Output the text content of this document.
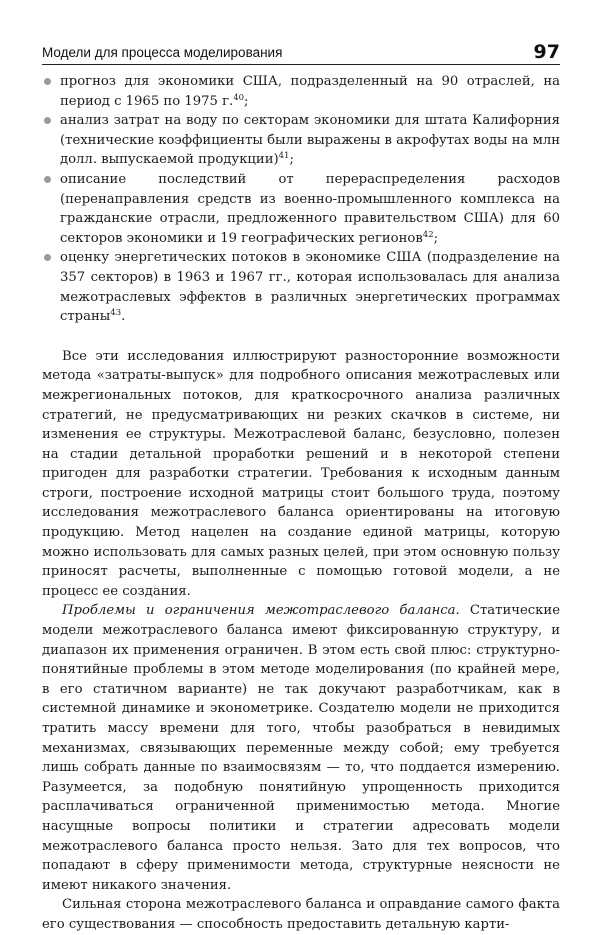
Модели для процесса моделирования	97
прогноз для экономики США, подразделенный на 90 отраслей, на период с 1965 по 1975 г.$^{40}$;
анализ затрат на воду по секторам экономики для штата Калифорния (технические коэффициенты были выражены в акрофутах воды на млн долл. выпускаемой продукции)$^{41}$;
описание последствий от перераспределения расходов (перенаправления средств из военно-промышленного комплекса на гражданские отрасли, предложенного правительством США) для 60 секторов экономики и 19 географических регионов$^{42}$;
оценку энергетических потоков в экономике США (подразделение на 357 секторов) в 1963 и 1967 гг., которая использовалась для анализа межотраслевых эффектов в различных энергетических программах страны$^{43}$.

Все эти исследования иллюстрируют разносторонние возможности метода «затраты-выпуск» для подробного описания межотраслевых или межрегиональных потоков, для краткосрочного анализа различных стратегий, не предусматривающих ни резких скачков в системе, ни изменения ее структуры. Межотраслевой баланс, безусловно, полезен на стадии детальной проработки решений и в некоторой степени пригоден для разработки стратегии. Требования к исходным данным строги, построение исходной матрицы стоит большого труда, поэтому исследования межотраслевого баланса ориентированы на итоговую продукцию. Метод нацелен на создание единой матрицы, которую можно использовать для самых разных целей, при этом основную пользу приносят расчеты, выполненные с помощью готовой модели, а не процесс ее создания.

Проблемы и ограничения межотраслевого баланса. Статические модели межотраслевого баланса имеют фиксированную структуру, и диапазон их применения ограничен. В этом есть свой плюс: структурно-понятийные проблемы в этом методе моделирования (по крайней мере, в его статичном варианте) не так докучают разработчикам, как в системной динамике и эконометрике. Создателю модели не приходится тратить массу времени для того, чтобы разобраться в невидимых механизмах, связывающих переменные между собой; ему требуется лишь собрать данные по взаимосвязям — то, что поддается измерению. Разумеется, за подобную понятийную упрощенность приходится расплачиваться ограниченной применимостью метода. Многие насущные вопросы политики и стратегии адресовать модели межотраслевого баланса просто нельзя. Зато для тех вопросов, что попадают в сферу применимости метода, структурные неясности не имеют никакого значения.

Сильная сторона межотраслевого баланса и оправдание самого факта его существования — способность предоставить детальную карти-
